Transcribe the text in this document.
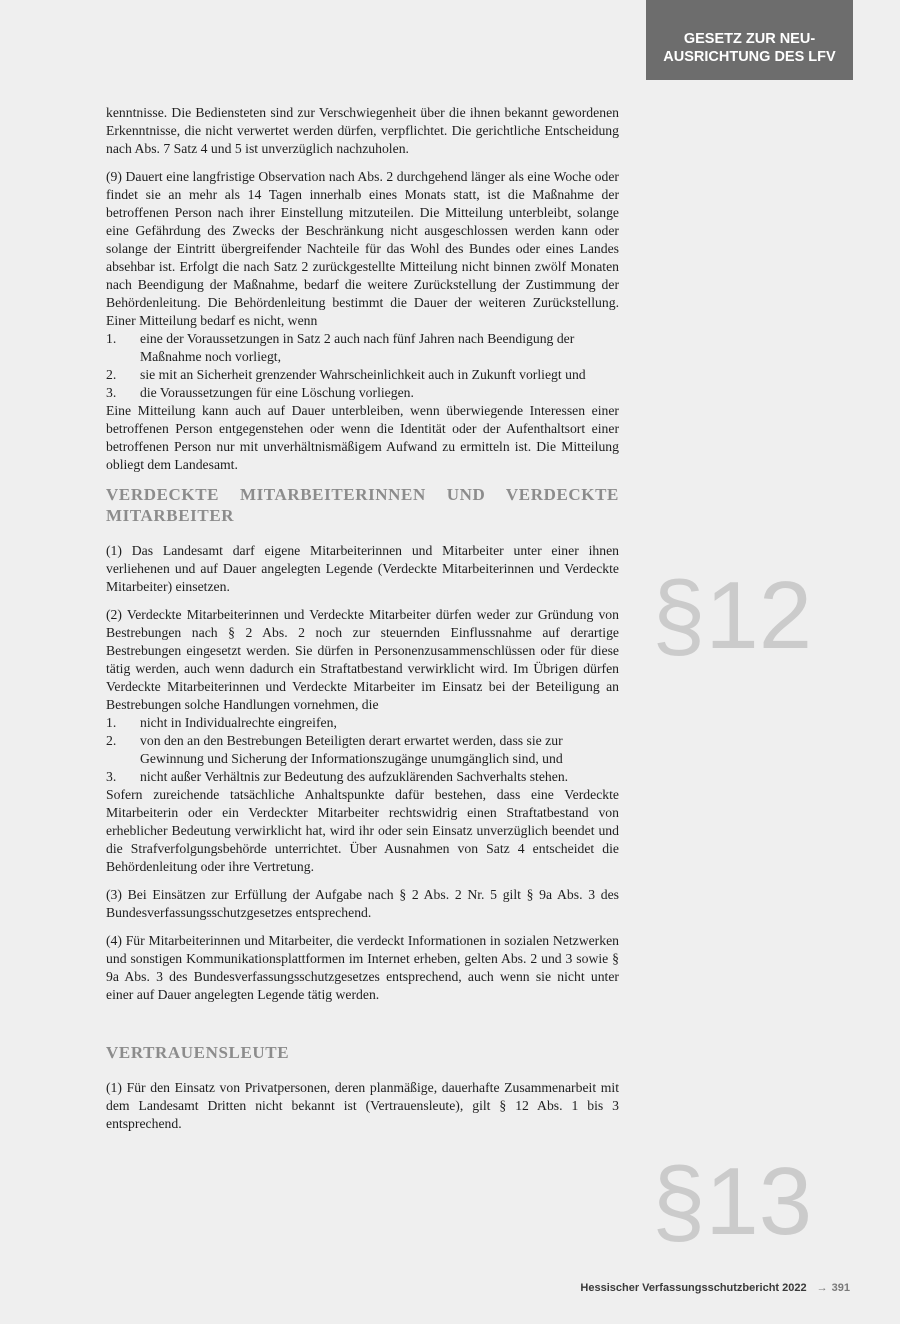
GESETZ ZUR NEU-
AUSRICHTUNG DES LFV

kenntnisse. Die Bediensteten sind zur Verschwiegenheit über die ihnen bekannt gewordenen Erkenntnisse, die nicht verwertet werden dürfen, verpflichtet. Die gerichtliche Entscheidung nach Abs. 7 Satz 4 und 5 ist unverzüglich nachzuholen.

(9) Dauert eine langfristige Observation nach Abs. 2 durchgehend länger als eine Woche oder findet sie an mehr als 14 Tagen innerhalb eines Monats statt, ist die Maßnahme der betroffenen Person nach ihrer Einstellung mitzuteilen. Die Mitteilung unterbleibt, solange eine Gefährdung des Zwecks der Beschränkung nicht ausgeschlossen werden kann oder solange der Eintritt übergreifender Nachteile für das Wohl des Bundes oder eines Landes absehbar ist. Erfolgt die nach Satz 2 zurückgestellte Mitteilung nicht binnen zwölf Monaten nach Beendigung der Maßnahme, bedarf die weitere Zurückstellung der Zustimmung der Behördenleitung. Die Behördenleitung bestimmt die Dauer der weiteren Zurückstellung. Einer Mitteilung bedarf es nicht, wenn

1.	eine der Voraussetzungen in Satz 2 auch nach fünf Jahren nach Beendigung der Maßnahme noch vorliegt,
2.	sie mit an Sicherheit grenzender Wahrscheinlichkeit auch in Zukunft vorliegt und
3.	die Voraussetzungen für eine Löschung vorliegen.

Eine Mitteilung kann auch auf Dauer unterbleiben, wenn überwiegende Interessen einer betroffenen Person entgegenstehen oder wenn die Identität oder der Aufenthaltsort einer betroffenen Person nur mit unverhältnismäßigem Aufwand zu ermitteln ist. Die Mitteilung obliegt dem Landesamt.

VERDECKTE MITARBEITERINNEN UND VERDECKTE MITARBEITER

(1) Das Landesamt darf eigene Mitarbeiterinnen und Mitarbeiter unter einer ihnen verliehenen und auf Dauer angelegten Legende (Verdeckte Mitarbeiterinnen und Verdeckte Mitarbeiter) einsetzen.

(2) Verdeckte Mitarbeiterinnen und Verdeckte Mitarbeiter dürfen weder zur Gründung von Bestrebungen nach § 2 Abs. 2 noch zur steuernden Einflussnahme auf derartige Bestrebungen eingesetzt werden. Sie dürfen in Personenzusammenschlüssen oder für diese tätig werden, auch wenn dadurch ein Straftatbestand verwirklicht wird. Im Übrigen dürfen Verdeckte Mitarbeiterinnen und Verdeckte Mitarbeiter im Einsatz bei der Beteiligung an Bestrebungen solche Handlungen vornehmen, die

1.	nicht in Individualrechte eingreifen,
2.	von den an den Bestrebungen Beteiligten derart erwartet werden, dass sie zur Gewinnung und Sicherung der Informationszugänge unumgänglich sind, und
3.	nicht außer Verhältnis zur Bedeutung des aufzuklärenden Sachverhalts stehen.

Sofern zureichende tatsächliche Anhaltspunkte dafür bestehen, dass eine Verdeckte Mitarbeiterin oder ein Verdeckter Mitarbeiter rechtswidrig einen Straftatbestand von erheblicher Bedeutung verwirklicht hat, wird ihr oder sein Einsatz unverzüglich beendet und die Strafverfolgungsbehörde unterrichtet. Über Ausnahmen von Satz 4 entscheidet die Behördenleitung oder ihre Vertretung.

(3) Bei Einsätzen zur Erfüllung der Aufgabe nach § 2 Abs. 2 Nr. 5 gilt § 9a Abs. 3 des Bundesverfassungsschutzgesetzes entsprechend.

(4) Für Mitarbeiterinnen und Mitarbeiter, die verdeckt Informationen in sozialen Netzwerken und sonstigen Kommunikationsplattformen im Internet erheben, gelten Abs. 2 und 3 sowie § 9a Abs. 3 des Bundesverfassungsschutzgesetzes entsprechend, auch wenn sie nicht unter einer auf Dauer angelegten Legende tätig werden.

VERTRAUENSLEUTE

(1) Für den Einsatz von Privatpersonen, deren planmäßige, dauerhafte Zusammenarbeit mit dem Landesamt Dritten nicht bekannt ist (Vertrauensleute), gilt § 12 Abs. 1 bis 3 entsprechend.

§12
§13
Hessischer Verfassungsschutzbericht 2022 → 391
